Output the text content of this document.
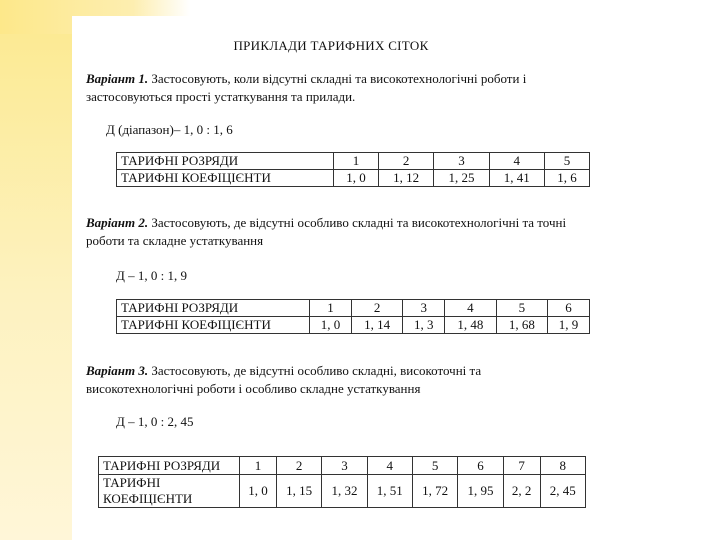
ПРИКЛАДИ ТАРИФНИХ СІТОК
Варіант 1. Застосовують, коли відсутні складні та високотехнологічні роботи і застосовуються прості устаткування та прилади.
Д (діапазон)– 1, 0 : 1, 6
ТАРИФНІ РОЗРЯДИ	1	2	3	4	5
ТАРИФНІ КОЕФІЦІЄНТИ	1, 0	1, 12	1, 25	1, 41	1, 6
Варіант 2. Застосовують, де відсутні особливо складні та високотехнологічні та точні роботи та складне устаткування
Д – 1, 0 : 1, 9
ТАРИФНІ РОЗРЯДИ	1	2	3	4	5	6
ТАРИФНІ КОЕФІЦІЄНТИ	1, 0	1, 14	1, 3	1, 48	1, 68	1, 9
Варіант 3. Застосовують, де відсутні особливо складні, високоточні та високотехнологічні роботи і особливо складне устаткування
Д – 1, 0 : 2, 45
ТАРИФНІ РОЗРЯДИ	1	2	3	4	5	6	7	8
ТАРИФНІ КОЕФІЦІЄНТИ	1, 0	1, 15	1, 32	1, 51	1, 72	1, 95	2, 2	2, 45
